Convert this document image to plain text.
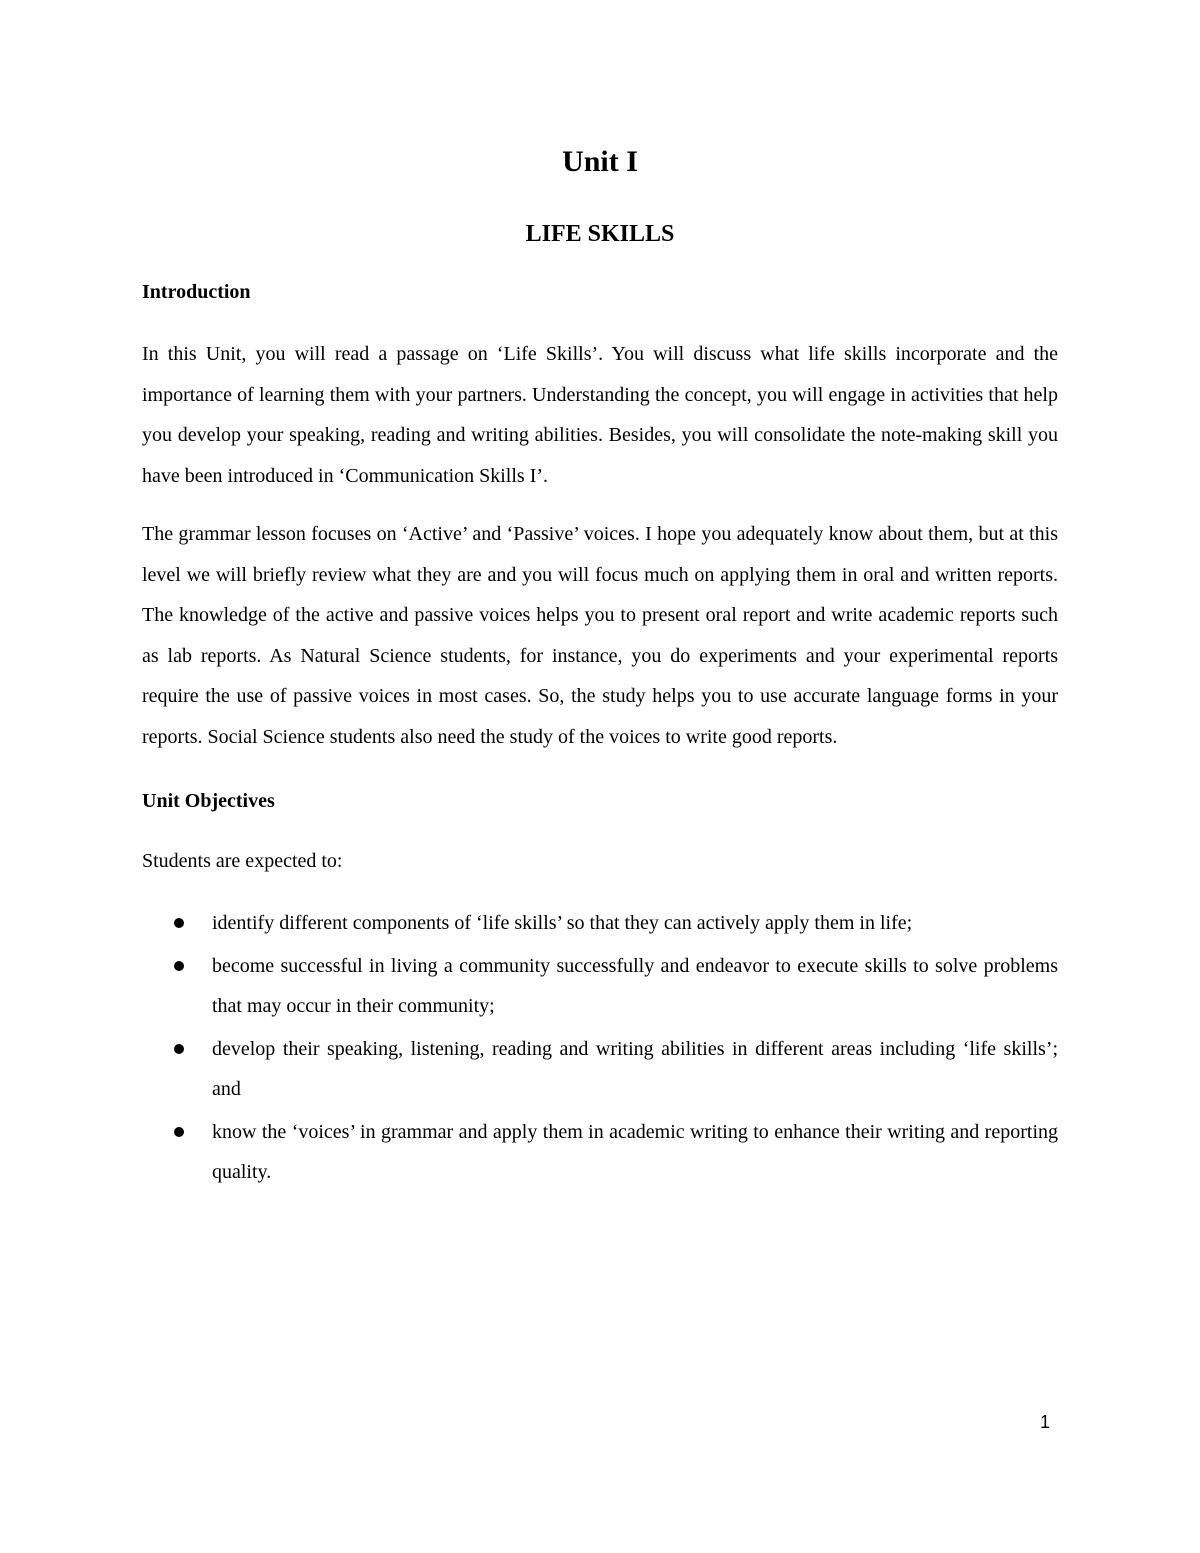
Unit I
LIFE SKILLS
Introduction

In this Unit, you will read a passage on ‘Life Skills’. You will discuss what life skills incorporate and the importance of learning them with your partners. Understanding the concept, you will engage in activities that help you develop your speaking, reading and writing abilities. Besides, you will consolidate the note-making skill you have been introduced in ‘Communication Skills I’.

The grammar lesson focuses on ‘Active’ and ‘Passive’ voices. I hope you adequately know about them, but at this level we will briefly review what they are and you will focus much on applying them in oral and written reports. The knowledge of the active and passive voices helps you to present oral report and write academic reports such as lab reports. As Natural Science students, for instance, you do experiments and your experimental reports require the use of passive voices in most cases. So, the study helps you to use accurate language forms in your reports. Social Science students also need the study of the voices to write good reports.

Unit Objectives

Students are expected to:

identify different components of ‘life skills’ so that they can actively apply them in life;
become successful in living a community successfully and endeavor to execute skills to solve problems that may occur in their community;
develop their speaking, listening, reading and writing abilities in different areas including ‘life skills’; and
know the ‘voices’ in grammar and apply them in academic writing to enhance their writing and reporting quality.
1
